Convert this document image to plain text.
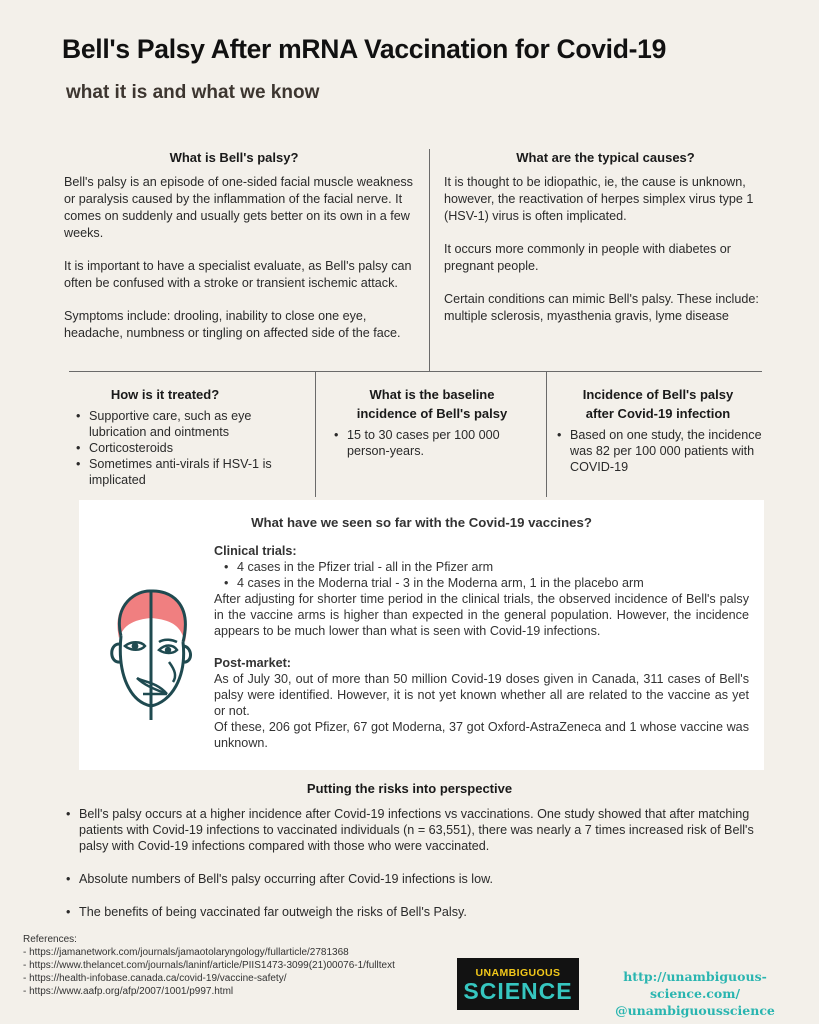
Bell's Palsy After mRNA Vaccination for Covid-19
what it is and what we know
What is Bell's palsy?

Bell's palsy is an episode of one-sided facial muscle weakness or paralysis caused by the inflammation of the facial nerve. It comes on suddenly and usually gets better on its own in a few weeks.

It is important to have a specialist evaluate, as Bell's palsy can often be confused with a stroke or transient ischemic attack.

Symptoms include: drooling, inability to close one eye, headache, numbness or tingling on affected side of the face.

What are the typical causes?

It is thought to be idiopathic, ie, the cause is unknown, however, the reactivation of herpes simplex virus type 1 (HSV-1) virus is often implicated.

It occurs more commonly in people with diabetes or pregnant people.

Certain conditions can mimic Bell's palsy. These include: multiple sclerosis, myasthenia gravis, lyme disease

How is it treated?
• Supportive care, such as eye lubrication and ointments
• Corticosteroids
• Sometimes anti-virals if HSV-1 is implicated
What is the baseline
incidence of Bell's palsy
• 15 to 30 cases per 100 000 person-years.
Incidence of Bell's palsy
after Covid-19 infection
• Based on one study, the incidence was 82 per 100 000 patients with COVID-19
What have we seen so far with the Covid-19 vaccines?
Clinical trials:
• 4 cases in the Pfizer trial - all in the Pfizer arm
• 4 cases in the Moderna trial - 3 in the Moderna arm, 1 in the placebo arm

After adjusting for shorter time period in the clinical trials, the observed incidence of Bell's palsy in the vaccine arms is higher than expected in the general population. However, the incidence appears to be much lower than what is seen with Covid-19 infections.

Post-market:

As of July 30, out of more than 50 million Covid-19 doses given in Canada, 311 cases of Bell's palsy were identified. However, it is not yet known whether all are related to the vaccine as yet or not.

Of these, 206 got Pfizer, 67 got Moderna, 37 got Oxford-AstraZeneca and 1 whose vaccine was unknown.

Putting the risks into perspective
• Bell's palsy occurs at a higher incidence after Covid-19 infections vs vaccinations. One study showed that after matching patients with Covid-19 infections to vaccinated individuals (n = 63,551), there was nearly a 7 times increased risk of Bell's palsy with Covid-19 infections compared with those who were vaccinated.
• Absolute numbers of Bell's palsy occurring after Covid-19 infections is low.
• The benefits of being vaccinated far outweigh the risks of Bell's Palsy.
References:
- https://jamanetwork.com/journals/jamaotolaryngology/fullarticle/2781368
- https://www.thelancet.com/journals/laninf/article/PIIS1473-3099(21)00076-1/fulltext
- https://health-infobase.canada.ca/covid-19/vaccine-safety/
- https://www.aafp.org/afp/2007/1001/p997.html
UNAMBIGUOUS
SCIENCE
http://unambiguous-science.com/
@unambiguousscience
